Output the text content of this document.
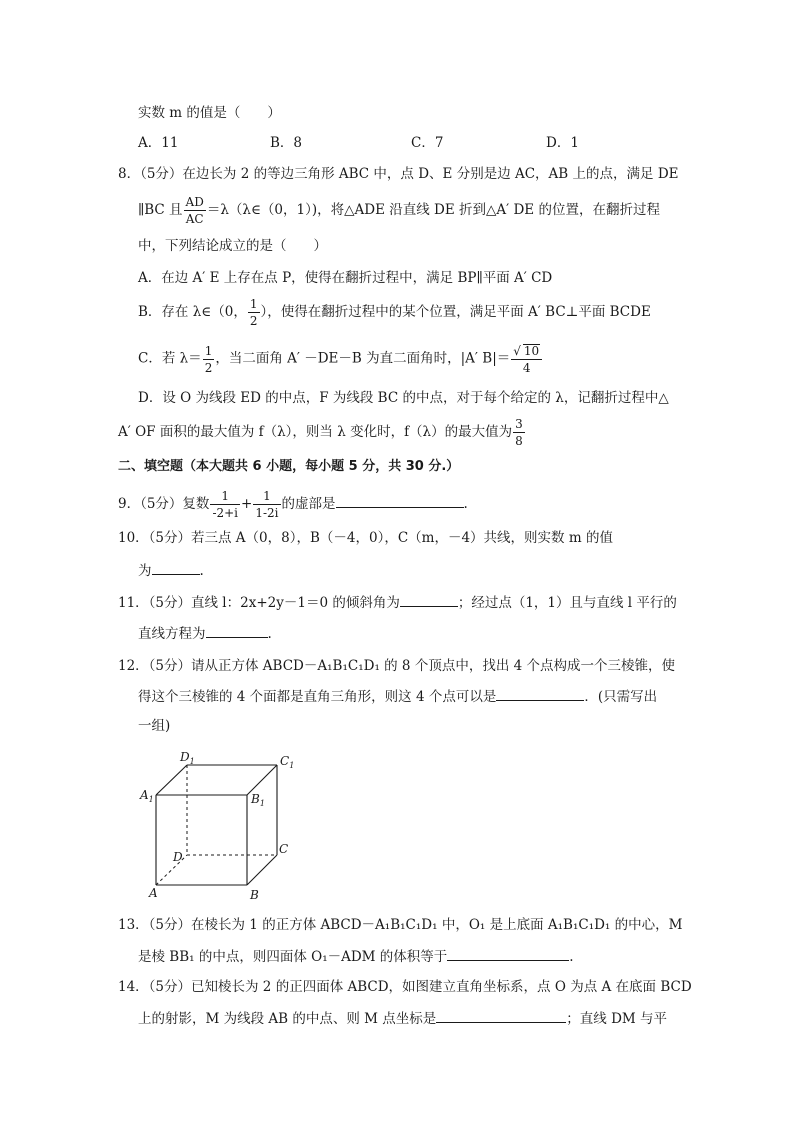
实数 m 的值是（　　）
A．11	B．8	C．7	D．1
8．（5分）在边长为 2 的等边三角形 ABC 中，点 D、E 分别是边 AC，AB 上的点，满足 DE
∥BC 且 $\frac{AD}{AC}$ ＝λ（λ∈（0，1）)，将△ADE 沿直线 DE 折到△A′ DE 的位置，在翻折过程
中，下列结论成立的是（　　）
A．在边 A′ E 上存在点 P，使得在翻折过程中，满足 BP∥平面 A′ CD
B．存在 λ∈（0， $\frac{1}{2}$ ），使得在翻折过程中的某个位置，满足平面 A′ BC⊥平面 BCDE
C．若 $\lambda= \frac{1}{2}$ ，当二面角 A′ －DE－B 为直二面角时，|A′ $B|= \frac{√ 10}{4}$
D．设 O 为线段 ED 的中点，F 为线段 BC 的中点，对于每个给定的 λ，记翻折过程中△
A′ OF 面积的最大值为 f（λ），则当 λ 变化时，f（λ）的最大值为 $\frac{3}{8}$
二、填空题（本大题共 6 小题，每小题 5 分，共 30 分.）
9．（5分）复数 $\frac{1}{-2+i} + \frac{1}{1-2i}$ 的虚部是	.
10．（5分）若三点 A（0，8），B（－4，0），C（m，－4）共线，则实数 m 的值
为	.
11．（5分）直线 l：2x+2y－1＝0 的倾斜角为	；经过点（1，1）且与直线 l 平行的
直线方程为	.
12．（5分）请从正方体 ABCD－A₁B₁C₁D₁ 的 8 个顶点中，找出 4 个点构成一个三棱锥，使
得这个三棱锥的 4 个面都是直角三角形，则这 4 个点可以是	．(只需写出
一组)
$D_1$	$C_1$
$A_1$	$B_1$
D
C
A	B
13．（5分）在棱长为 1 的正方体 ABCD－A₁B₁C₁D₁ 中，O₁ 是上底面 A₁B₁C₁D₁ 的中心，M
是棱 BB₁ 的中点，则四面体 O₁－ADM 的体积等于	.
14．（5分）已知棱长为 2 的正四面体 ABCD，如图建立直角坐标系，点 O 为点 A 在底面 BCD
上的射影，M 为线段 AB 的中点、则 M 点坐标是	；直线 DM 与平
